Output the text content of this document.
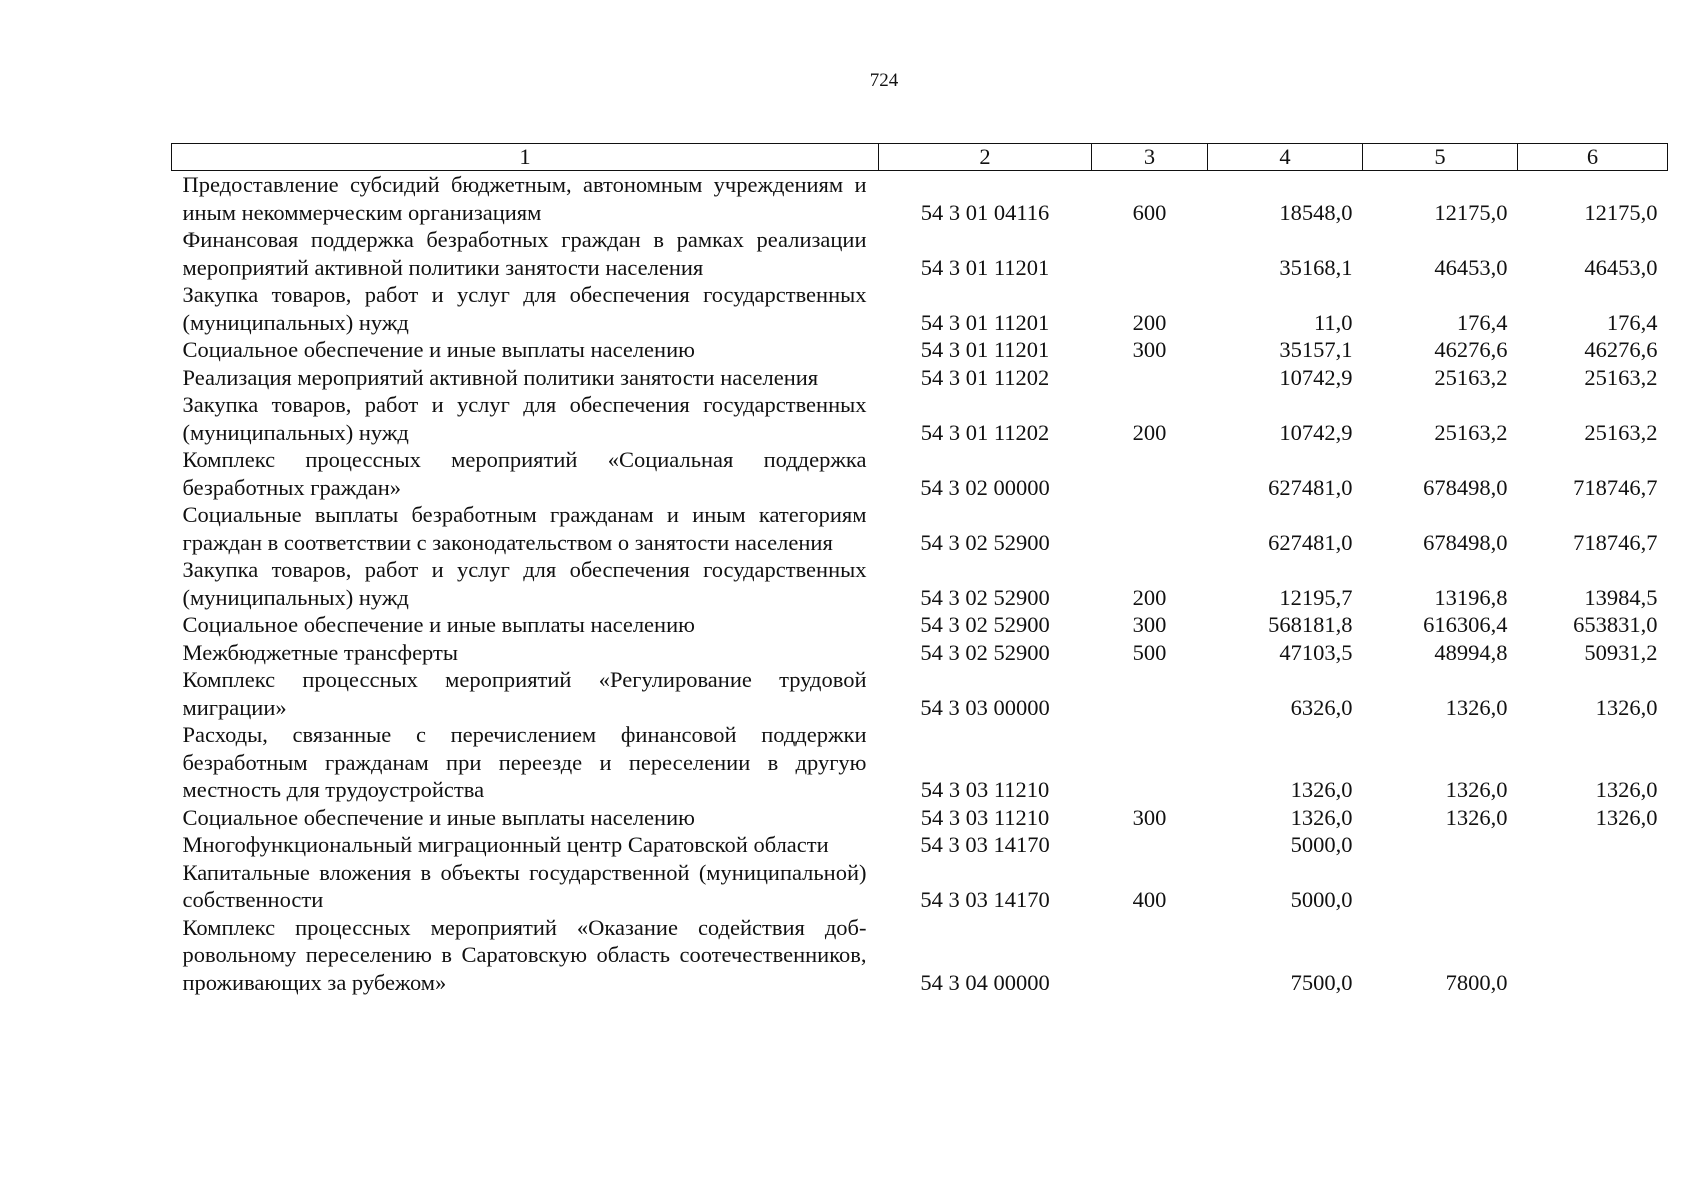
724
1	2	3	4	5	6
Предоставление субсидий бюджетным, автономным учреждениям и иным некоммерческим организациям	54 3 01 04116	600	18548,0	12175,0	12175,0
Финансовая поддержка безработных граждан в рамках реализации мероприятий активной политики занятости населения	54 3 01 11201		35168,1	46453,0	46453,0
Закупка товаров, работ и услуг для обеспечения государственных (муниципальных) нужд	54 3 01 11201	200	11,0	176,4	176,4
Социальное обеспечение и иные выплаты населению	54 3 01 11201	300	35157,1	46276,6	46276,6
Реализация мероприятий активной политики занятости населения	54 3 01 11202		10742,9	25163,2	25163,2
Закупка товаров, работ и услуг для обеспечения государственных (муниципальных) нужд	54 3 01 11202	200	10742,9	25163,2	25163,2
Комплекс процессных мероприятий «Социальная поддержка безработных граждан»	54 3 02 00000		627481,0	678498,0	718746,7
Социальные выплаты безработным гражданам и иным категориям граждан в соответствии с законодательством о занятости населения	54 3 02 52900		627481,0	678498,0	718746,7
Закупка товаров, работ и услуг для обеспечения государственных (муниципальных) нужд	54 3 02 52900	200	12195,7	13196,8	13984,5
Социальное обеспечение и иные выплаты населению	54 3 02 52900	300	568181,8	616306,4	653831,0
Межбюджетные трансферты	54 3 02 52900	500	47103,5	48994,8	50931,2
Комплекс процессных мероприятий «Регулирование трудовой миграции»	54 3 03 00000		6326,0	1326,0	1326,0
Расходы, связанные с перечислением финансовой поддержки безработным гражданам при переезде и переселении в другую местность для трудоустройства	54 3 03 11210		1326,0	1326,0	1326,0
Социальное обеспечение и иные выплаты населению	54 3 03 11210	300	1326,0	1326,0	1326,0
Многофункциональный миграционный центр Саратовской области	54 3 03 14170		5000,0		
Капитальные вложения в объекты государственной (муниципальной) собственности	54 3 03 14170	400	5000,0		
Комплекс процессных мероприятий «Оказание содействия добровольному переселению в Саратовскую область соотечественников, проживающих за рубежом»	54 3 04 00000		7500,0	7800,0	
